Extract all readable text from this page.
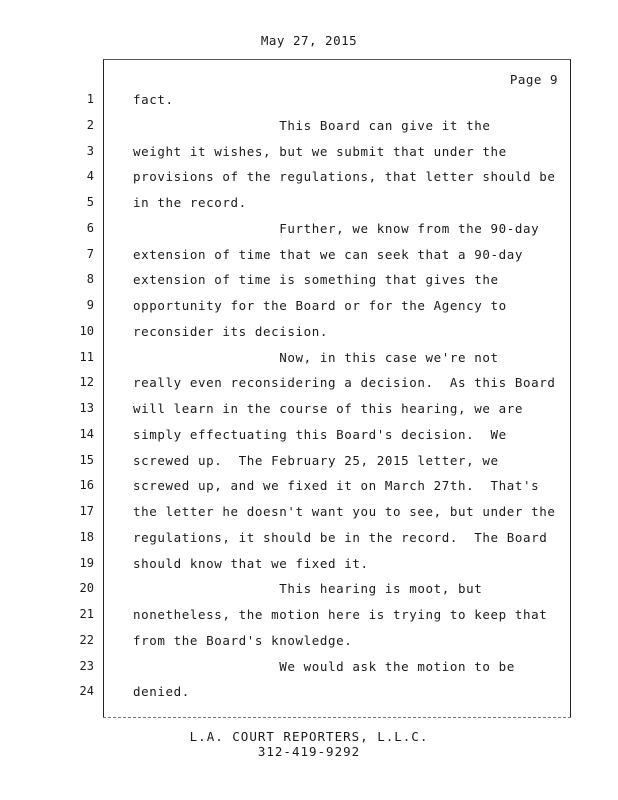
May 27, 2015
Page 9
1	fact.
2	This Board can give it the
3	weight it wishes, but we submit that under the
4	provisions of the regulations, that letter should be
5	in the record.
6	Further, we know from the 90-day
7	extension of time that we can seek that a 90-day
8	extension of time is something that gives the
9	opportunity for the Board or for the Agency to
10	reconsider its decision.
11	Now, in this case we're not
12	really even reconsidering a decision.  As this Board
13	will learn in the course of this hearing, we are
14	simply effectuating this Board's decision.  We
15	screwed up.  The February 25, 2015 letter, we
16	screwed up, and we fixed it on March 27th.  That's
17	the letter he doesn't want you to see, but under the
18	regulations, it should be in the record.  The Board
19	should know that we fixed it.
20	This hearing is moot, but
21	nonetheless, the motion here is trying to keep that
22	from the Board's knowledge.
23	We would ask the motion to be
24	denied.
L.A. COURT REPORTERS, L.L.C.
312-419-9292
